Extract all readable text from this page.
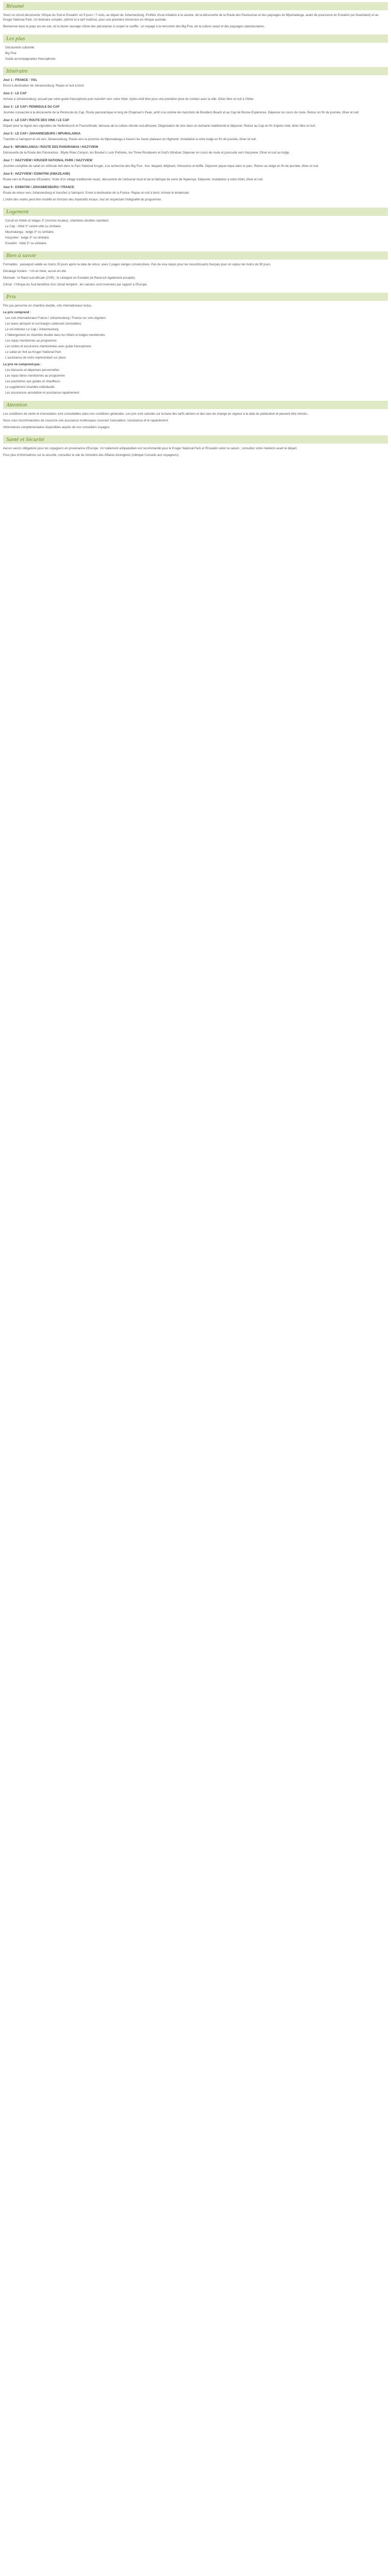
Résumé

Vivez un circuit découverte 'Afrique du Sud et Eswatini' en 9 jours / 7 nuits, au départ de Johannesburg. Profitez d'une initiation à la savane, de la découverte de la Route des Panoramas et des paysages du Mpumalanga, avant de poursuivre en Eswatini (ex-Swaziland) et au Kruger National Park. Un itinéraire complet, rythmé et à tarif maîtrisé, pour une première immersion en Afrique australe.

Bienvenue dans le pays arc-en-ciel, où la faune sauvage côtoie des panoramas à couper le souffle : un voyage à la rencontre des Big Five, de la culture swazi et des paysages spectaculaires.

Les plus
Découverte culturelle
Big Five
Guide accompagnateur francophone
Itinéraire
Jour 1 : FRANCE - VOL

Envol à destination de Johannesburg. Repas et nuit à bord.

Jour 2 : LE CAP

Arrivée à Johannesburg, accueil par votre guide francophone puis transfert vers votre hôtel. Après-midi libre pour une première prise de contact avec la ville. Dîner libre et nuit à l'hôtel.

Jour 3 : LE CAP / PENINSULE DU CAP

Journée consacrée à la découverte de la Péninsule du Cap. Route panoramique le long de Chapman's Peak, arrêt à la colonie de manchots de Boulders Beach et au Cap de Bonne-Espérance. Déjeuner en cours de route. Retour en fin de journée, dîner et nuit.

Jour 4 : LE CAP / ROUTE DES VINS / LE CAP

Départ pour la région des vignobles de Stellenbosch et Franschhoek, berceau de la culture viticole sud-africaine. Dégustation de vins dans un domaine traditionnel et déjeuner. Retour au Cap en fin d'après-midi, dîner libre et nuit.

Jour 5 : LE CAP / JOHANNESBURG / MPUMALANGA

Transfert à l'aéroport et vol vers Johannesburg. Route vers la province du Mpumalanga à travers les hauts plateaux du Highveld. Installation à votre lodge en fin de journée, dîner et nuit.

Jour 6 : MPUMALANGA / ROUTE DES PANORAMAS / HAZYVIEW

Découverte de la Route des Panoramas : Blyde River Canyon, les Bourke's Luck Potholes, les Three Rondavels et God's Window. Déjeuner en cours de route et poursuite vers Hazyview. Dîner et nuit au lodge.

Jour 7 : HAZYVIEW / KRUGER NATIONAL PARK / HAZYVIEW

Journée complète de safari en véhicule 4x4 dans le Parc National Kruger, à la recherche des Big Five : lion, léopard, éléphant, rhinocéros et buffle. Déjeuner pique-nique dans le parc. Retour au lodge en fin de journée, dîner et nuit.

Jour 8 : HAZYVIEW / ESWATINI (SWAZILAND)

Route vers le Royaume d'Eswatini. Visite d'un village traditionnel swazi, découverte de l'artisanat local et de la fabrique de verre de Ngwenya. Déjeuner, installation à votre hôtel, dîner et nuit.

Jour 9 : ESWATINI / JOHANNESBURG / FRANCE

Route de retour vers Johannesburg et transfert à l'aéroport. Envol à destination de la France. Repas et nuit à bord. Arrivée le lendemain.

L'ordre des visites peut être modifié en fonction des impératifs locaux, tout en respectant l'intégralité du programme.

Logement
Circuit en hôtels et lodges 3* (normes locales), chambres doubles standard.
Le Cap : hôtel 3* centre-ville ou similaire.
Mpumalanga : lodge 3* ou similaire.
Hazyview : lodge 3* ou similaire.
Eswatini : hôtel 3* ou similaire.
Bien à savoir

Formalités : passeport valide au moins 30 jours après la date de retour, avec 2 pages vierges consécutives. Pas de visa requis pour les ressortissants français pour un séjour de moins de 90 jours.

Décalage horaire : +1h en hiver, aucun en été.

Monnaie : le Rand sud-africain (ZAR) ; le Lilangeni en Eswatini (le Rand est également accepté).

Climat : l'Afrique du Sud bénéficie d'un climat tempéré ; les saisons sont inversées par rapport à l'Europe.

Prix

Prix par personne en chambre double, vols internationaux inclus.

Le prix comprend :
Les vols internationaux France / Johannesburg / France sur vols réguliers
Les taxes aéroport et surcharges carburant (révisables)
Le vol intérieur Le Cap / Johannesburg
L'hébergement en chambre double dans les hôtels et lodges mentionnés
Les repas mentionnés au programme
Les visites et excursions mentionnées avec guide francophone
Le safari en 4x4 au Kruger National Park
L'assistance de notre représentant sur place
Le prix ne comprend pas :
Les boissons et dépenses personnelles
Les repas libres mentionnés au programme
Les pourboires aux guides et chauffeurs
Le supplément chambre individuelle
Les assurances annulation et assistance rapatriement
Attention

Les conditions de vente et d'annulation sont consultables dans nos conditions générales. Les prix sont calculés sur la base des tarifs aériens et des taux de change en vigueur à la date de publication et peuvent être révisés.

Nous vous recommandons de souscrire une assurance multirisques couvrant l'annulation, l'assistance et le rapatriement.

Informations complémentaires disponibles auprès de nos conseillers voyages.

Santé et Sécurité

Aucun vaccin obligatoire pour les voyageurs en provenance d'Europe. Un traitement antipaludéen est recommandé pour le Kruger National Park et l'Eswatini selon la saison ; consultez votre médecin avant le départ.

Pour plus d'informations sur la sécurité, consultez le site du ministère des Affaires étrangères (rubrique Conseils aux voyageurs).
